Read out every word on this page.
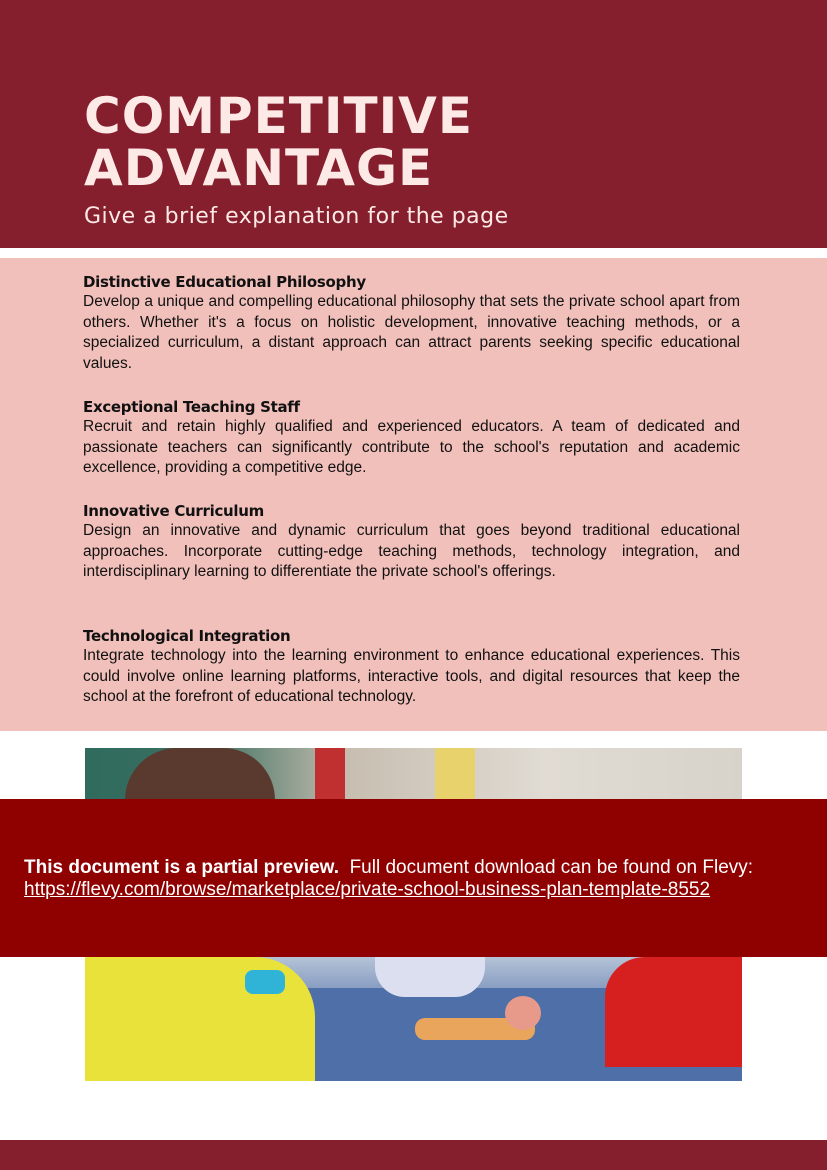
COMPETITIVE
ADVANTAGE

Give a brief explanation for the page

Distinctive Educational Philosophy

Develop a unique and compelling educational philosophy that sets the private school apart from others. Whether it's a focus on holistic development, innovative teaching methods, or a specialized curriculum, a distant approach can attract parents seeking specific educational values.

Exceptional Teaching Staff

Recruit and retain highly qualified and experienced educators. A team of dedicated and passionate teachers can significantly contribute to the school's reputation and academic excellence, providing a competitive edge.

Innovative Curriculum

Design an innovative and dynamic curriculum that goes beyond traditional educational approaches. Incorporate cutting-edge teaching methods, technology integration, and interdisciplinary learning to differentiate the private school's offerings.

Technological Integration

Integrate technology into the learning environment to enhance educational experiences. This could involve online learning platforms, interactive tools, and digital resources that keep the school at the forefront of educational technology.

This document is a partial preview. Full document download can be found on Flevy:
https://flevy.com/browse/marketplace/private-school-business-plan-template-8552
